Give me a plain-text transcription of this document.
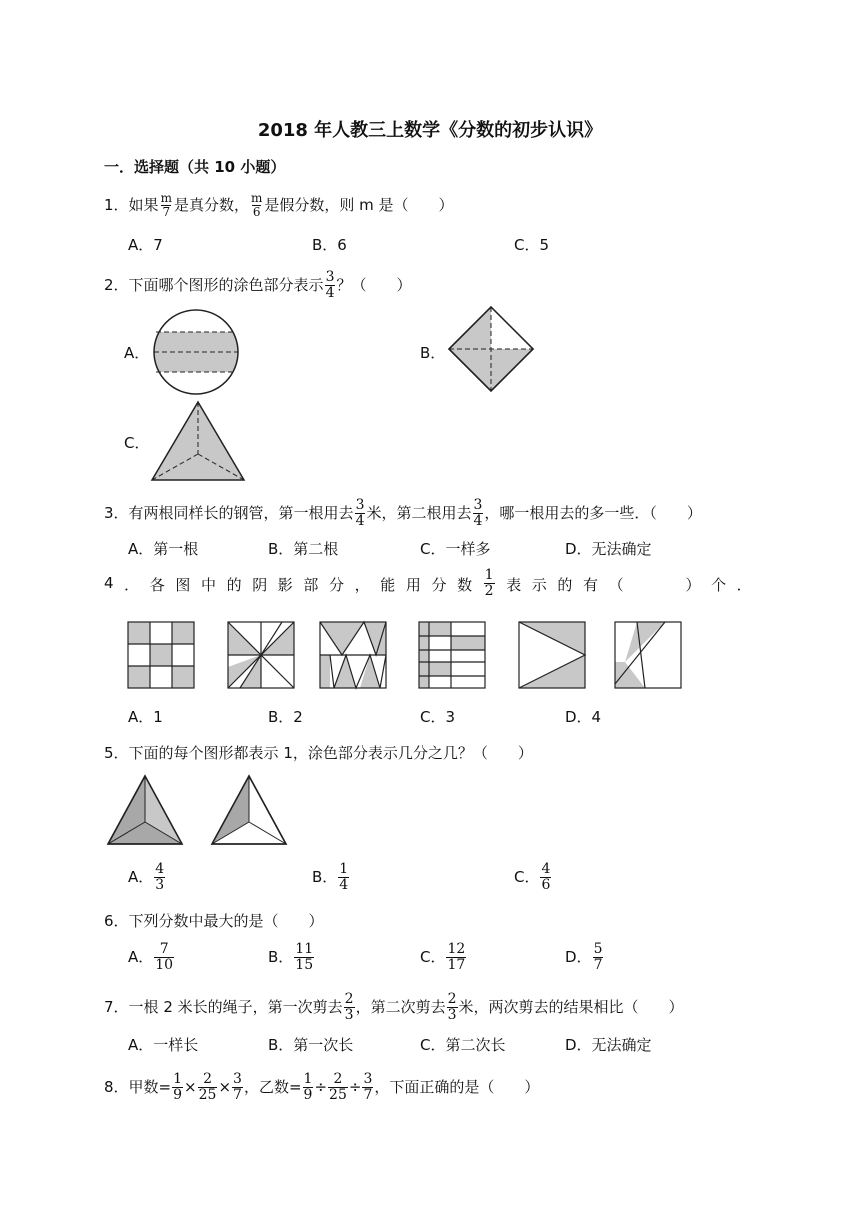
2018 年人教三上数学《分数的初步认识》
一．选择题（共 10 小题）
1．如果 $\frac{m}{7}$ 是真分数， $\frac{m}{6}$ 是假分数，则 m 是（　　）
A．7	B．6	C．5
2．下面哪个图形的涂色部分表示 $\frac{3}{4}$ ？（　　）
A．	B．
C．
3．有两根同样长的钢管，第一根用去 $\frac{3}{4}$ 米，第二根用去 $\frac{3}{4}$ ，哪一根用去的多一些．（　　）
A．第一根	B．第二根	C．一样多	D．无法确定
4 ． 各 图 中 的 阴 影 部 分 ， 能 用 分 数 $\frac{1}{2}$ 表 示 的 有 （

　	） 个 ．
A．1	B．2	C．3	D．4
5．下面的每个图形都表示 1，涂色部分表示几分之几？（　　）
A． $\frac{4}{3}$	B． $\frac{1}{4}$	C． $\frac{4}{6}$
6．下列分数中最大的是（　　）
A． $\frac{7}{10}$	B． $\frac{11}{15}$	C． $\frac{12}{17}$	D． $\frac{5}{7}$
7．一根 2 米长的绳子，第一次剪去 $\frac{2}{3}$ ，第二次剪去 $\frac{2}{3}$ 米，两次剪去的结果相比（　　）
A．一样长	B．第一次长	C．第二次长	D．无法确定
8．甲数= $\frac{1}{9} \times \frac{2}{25} \times \frac{3}{7}$ ，乙数= $\frac{1}{9} \div \frac{2}{25} \div \frac{3}{7}$ ，下面正确的是（　　）
